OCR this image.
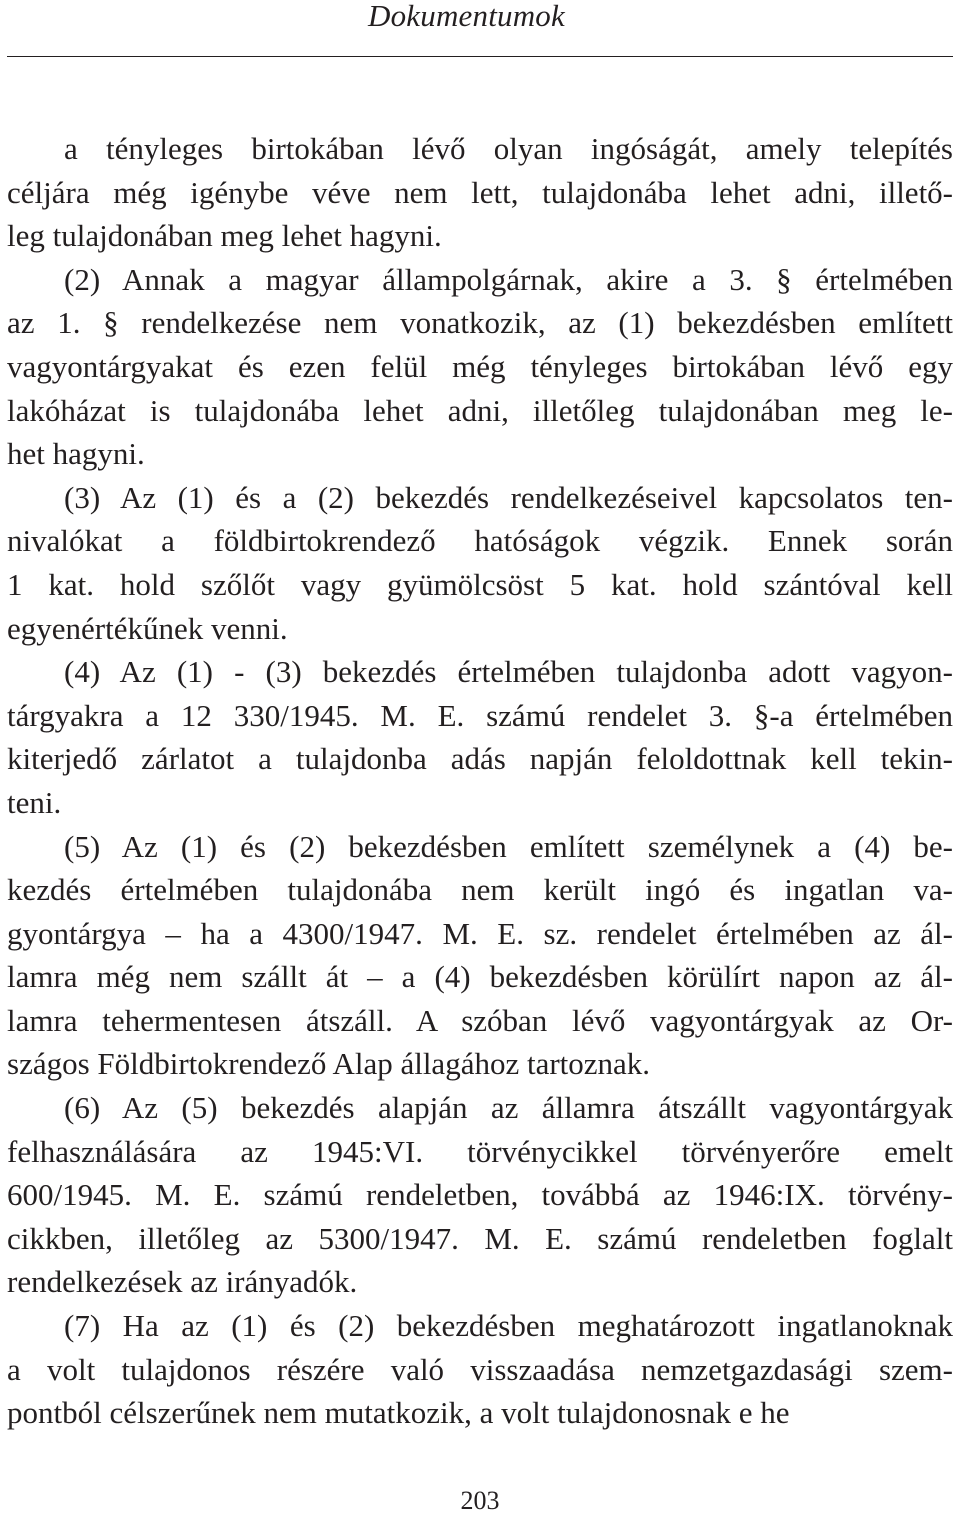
Dokumentumok
a tényleges birtokában lévő olyan ingóságát, amely telepítés
céljára még igénybe véve nem lett, tulajdonába lehet adni, illető-
leg tulajdonában meg lehet hagyni.
(2) Annak a magyar állampolgárnak, akire a 3. § értelmében
az 1. § rendelkezése nem vonatkozik, az (1) bekezdésben említett
vagyontárgyakat és ezen felül még tényleges birtokában lévő egy
lakóházat is tulajdonába lehet adni, illetőleg tulajdonában meg le-
het hagyni.
(3) Az (1) és a (2) bekezdés rendelkezéseivel kapcsolatos ten-
nivalókat a földbirtokrendező hatóságok végzik. Ennek során
1 kat. hold szőlőt vagy gyümölcsöst 5 kat. hold szántóval kell
egyenértékűnek venni.
(4) Az (1) - (3) bekezdés értelmében tulajdonba adott vagyon-
tárgyakra a 12 330/1945. M. E. számú rendelet 3. §-a értelmében
kiterjedő zárlatot a tulajdonba adás napján feloldottnak kell tekin-
teni.
(5) Az (1) és (2) bekezdésben említett személynek a (4) be-
kezdés értelmében tulajdonába nem került ingó és ingatlan va-
gyontárgya – ha a 4300/1947. M. E. sz. rendelet értelmében az ál-
lamra még nem szállt át – a (4) bekezdésben körülírt napon az ál-
lamra tehermentesen átszáll. A szóban lévő vagyontárgyak az Or-
szágos Földbirtokrendező Alap állagához tartoznak.
(6) Az (5) bekezdés alapján az államra átszállt vagyontárgyak
felhasználására az 1945:VI. törvénycikkel törvényerőre emelt
600/1945. M. E. számú rendeletben, továbbá az 1946:IX. törvény-
cikkben, illetőleg az 5300/1947. M. E. számú rendeletben foglalt
rendelkezések az irányadók.
(7) Ha az (1) és (2) bekezdésben meghatározott ingatlanoknak
a volt tulajdonos részére való visszaadása nemzetgazdasági szem-
pontból célszerűnek nem mutatkozik, a volt tulajdonosnak e he
203
